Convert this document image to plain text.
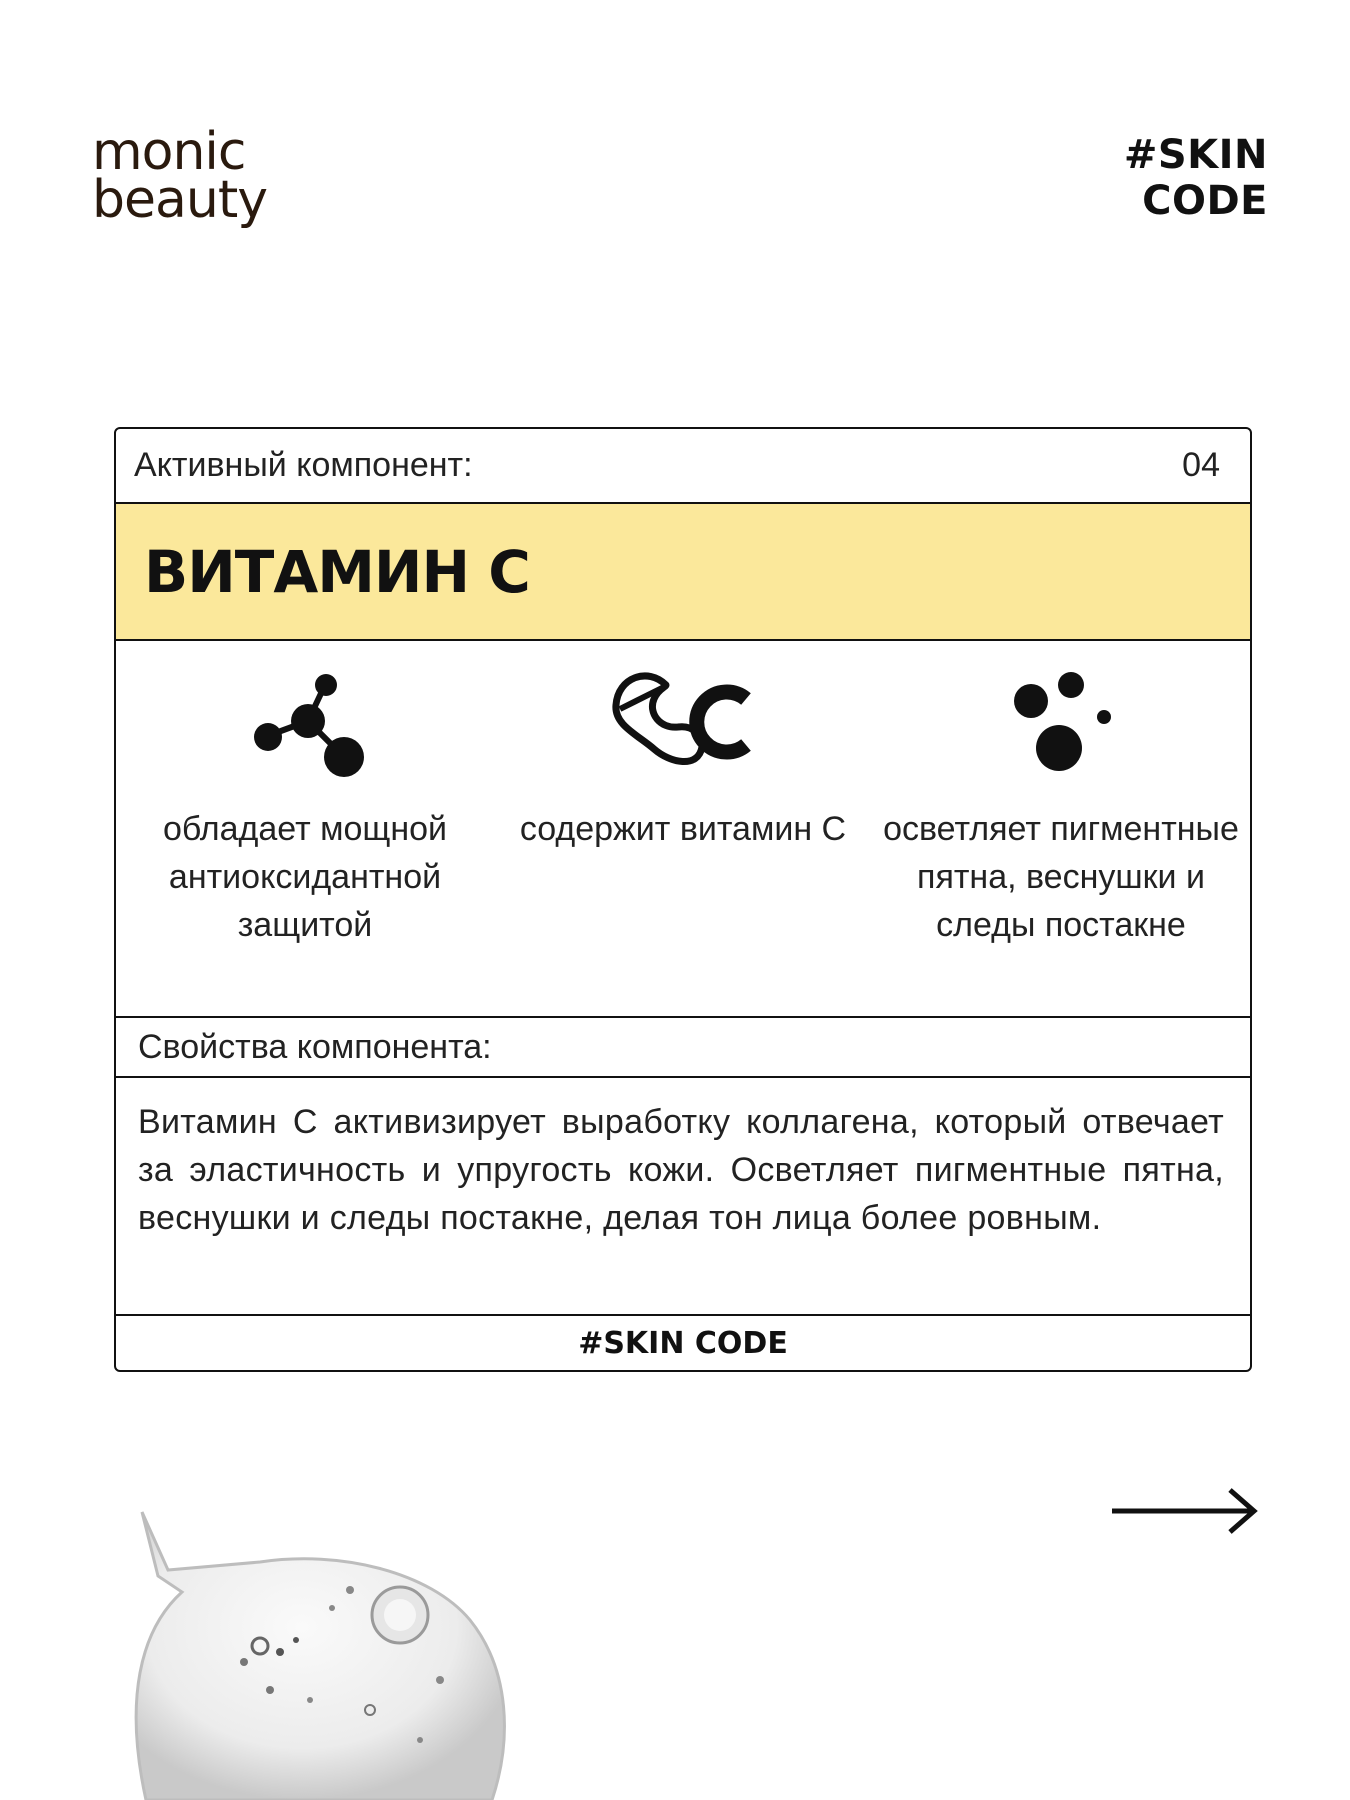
monic
beauty
#SKIN
CODE
Активный компонент:	04
ВИТАМИН С
обладает мощной антиоксидантной защитой
содержит витамин С	осветляет пигментные пятна, веснушки и следы постакне
Свойства компонента:
Витамин С активизирует выработку коллагена, который отвечает за эластичность и упругость кожи. Осветляет пигментные пятна, веснушки и следы постакне, делая тон лица более ровным.
#SKIN CODE
